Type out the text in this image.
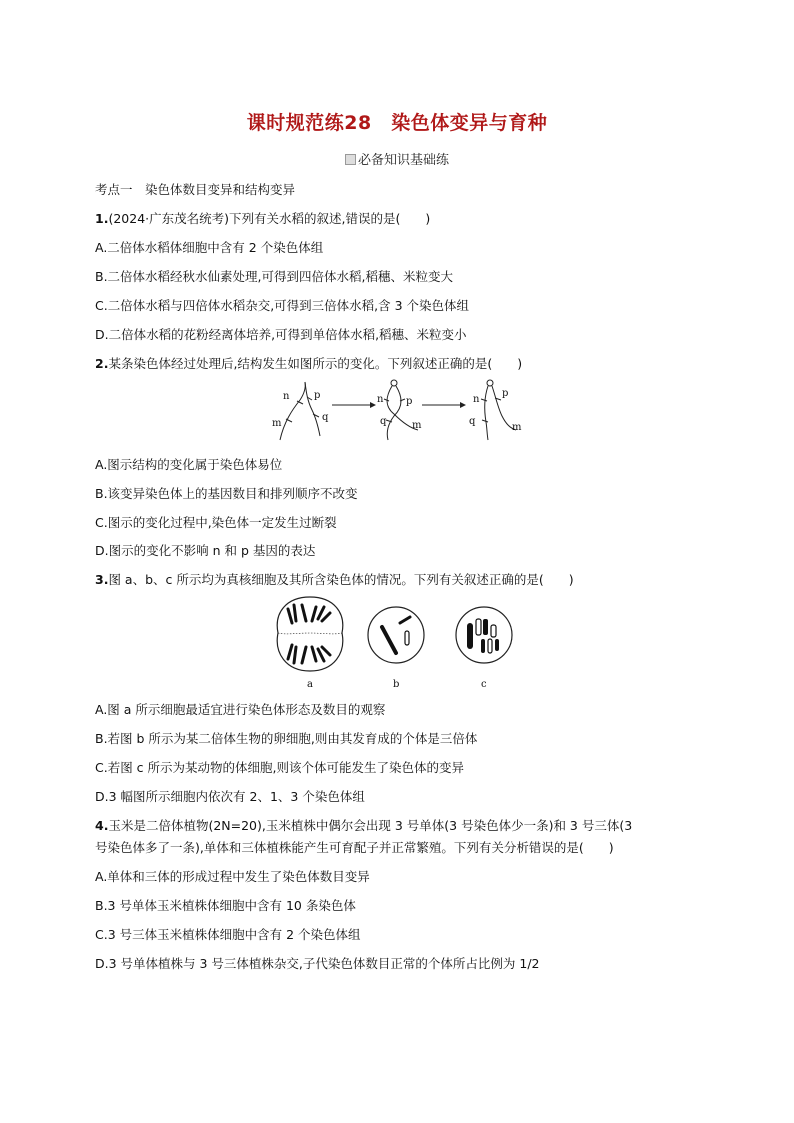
课时规范练28　染色体变异与育种
必备知识基础练
考点一　染色体数目变异和结构变异
1.(2024·广东茂名统考)下列有关水稻的叙述,错误的是(　　)
A.二倍体水稻体细胞中含有 2 个染色体组
B.二倍体水稻经秋水仙素处理,可得到四倍体水稻,稻穗、米粒变大
C.二倍体水稻与四倍体水稻杂交,可得到三倍体水稻,含 3 个染色体组
D.二倍体水稻的花粉经离体培养,可得到单倍体水稻,稻穗、米粒变小
2.某条染色体经过处理后,结构发生如图所示的变化。下列叙述正确的是(　　)
n p
m
q
n p
q	m
n
p
q
m
A.图示结构的变化属于染色体易位
B.该变异染色体上的基因数目和排列顺序不改变
C.图示的变化过程中,染色体一定发生过断裂
D.图示的变化不影响 n 和 p 基因的表达
3.图 a、b、c 所示均为真核细胞及其所含染色体的情况。下列有关叙述正确的是(　　)
a	b	c
A.图 a 所示细胞最适宜进行染色体形态及数目的观察
B.若图 b 所示为某二倍体生物的卵细胞,则由其发育成的个体是三倍体
C.若图 c 所示为某动物的体细胞,则该个体可能发生了染色体的变异
D.3 幅图所示细胞内依次有 2、1、3 个染色体组
4.玉米是二倍体植物(2N=20),玉米植株中偶尔会出现 3 号单体(3 号染色体少一条)和 3 号三体(3
号染色体多了一条),单体和三体植株能产生可育配子并正常繁殖。下列有关分析错误的是(　　)
A.单体和三体的形成过程中发生了染色体数目变异
B.3 号单体玉米植株体细胞中含有 10 条染色体
C.3 号三体玉米植株体细胞中含有 2 个染色体组
D.3 号单体植株与 3 号三体植株杂交,子代染色体数目正常的个体所占比例为 1/2
